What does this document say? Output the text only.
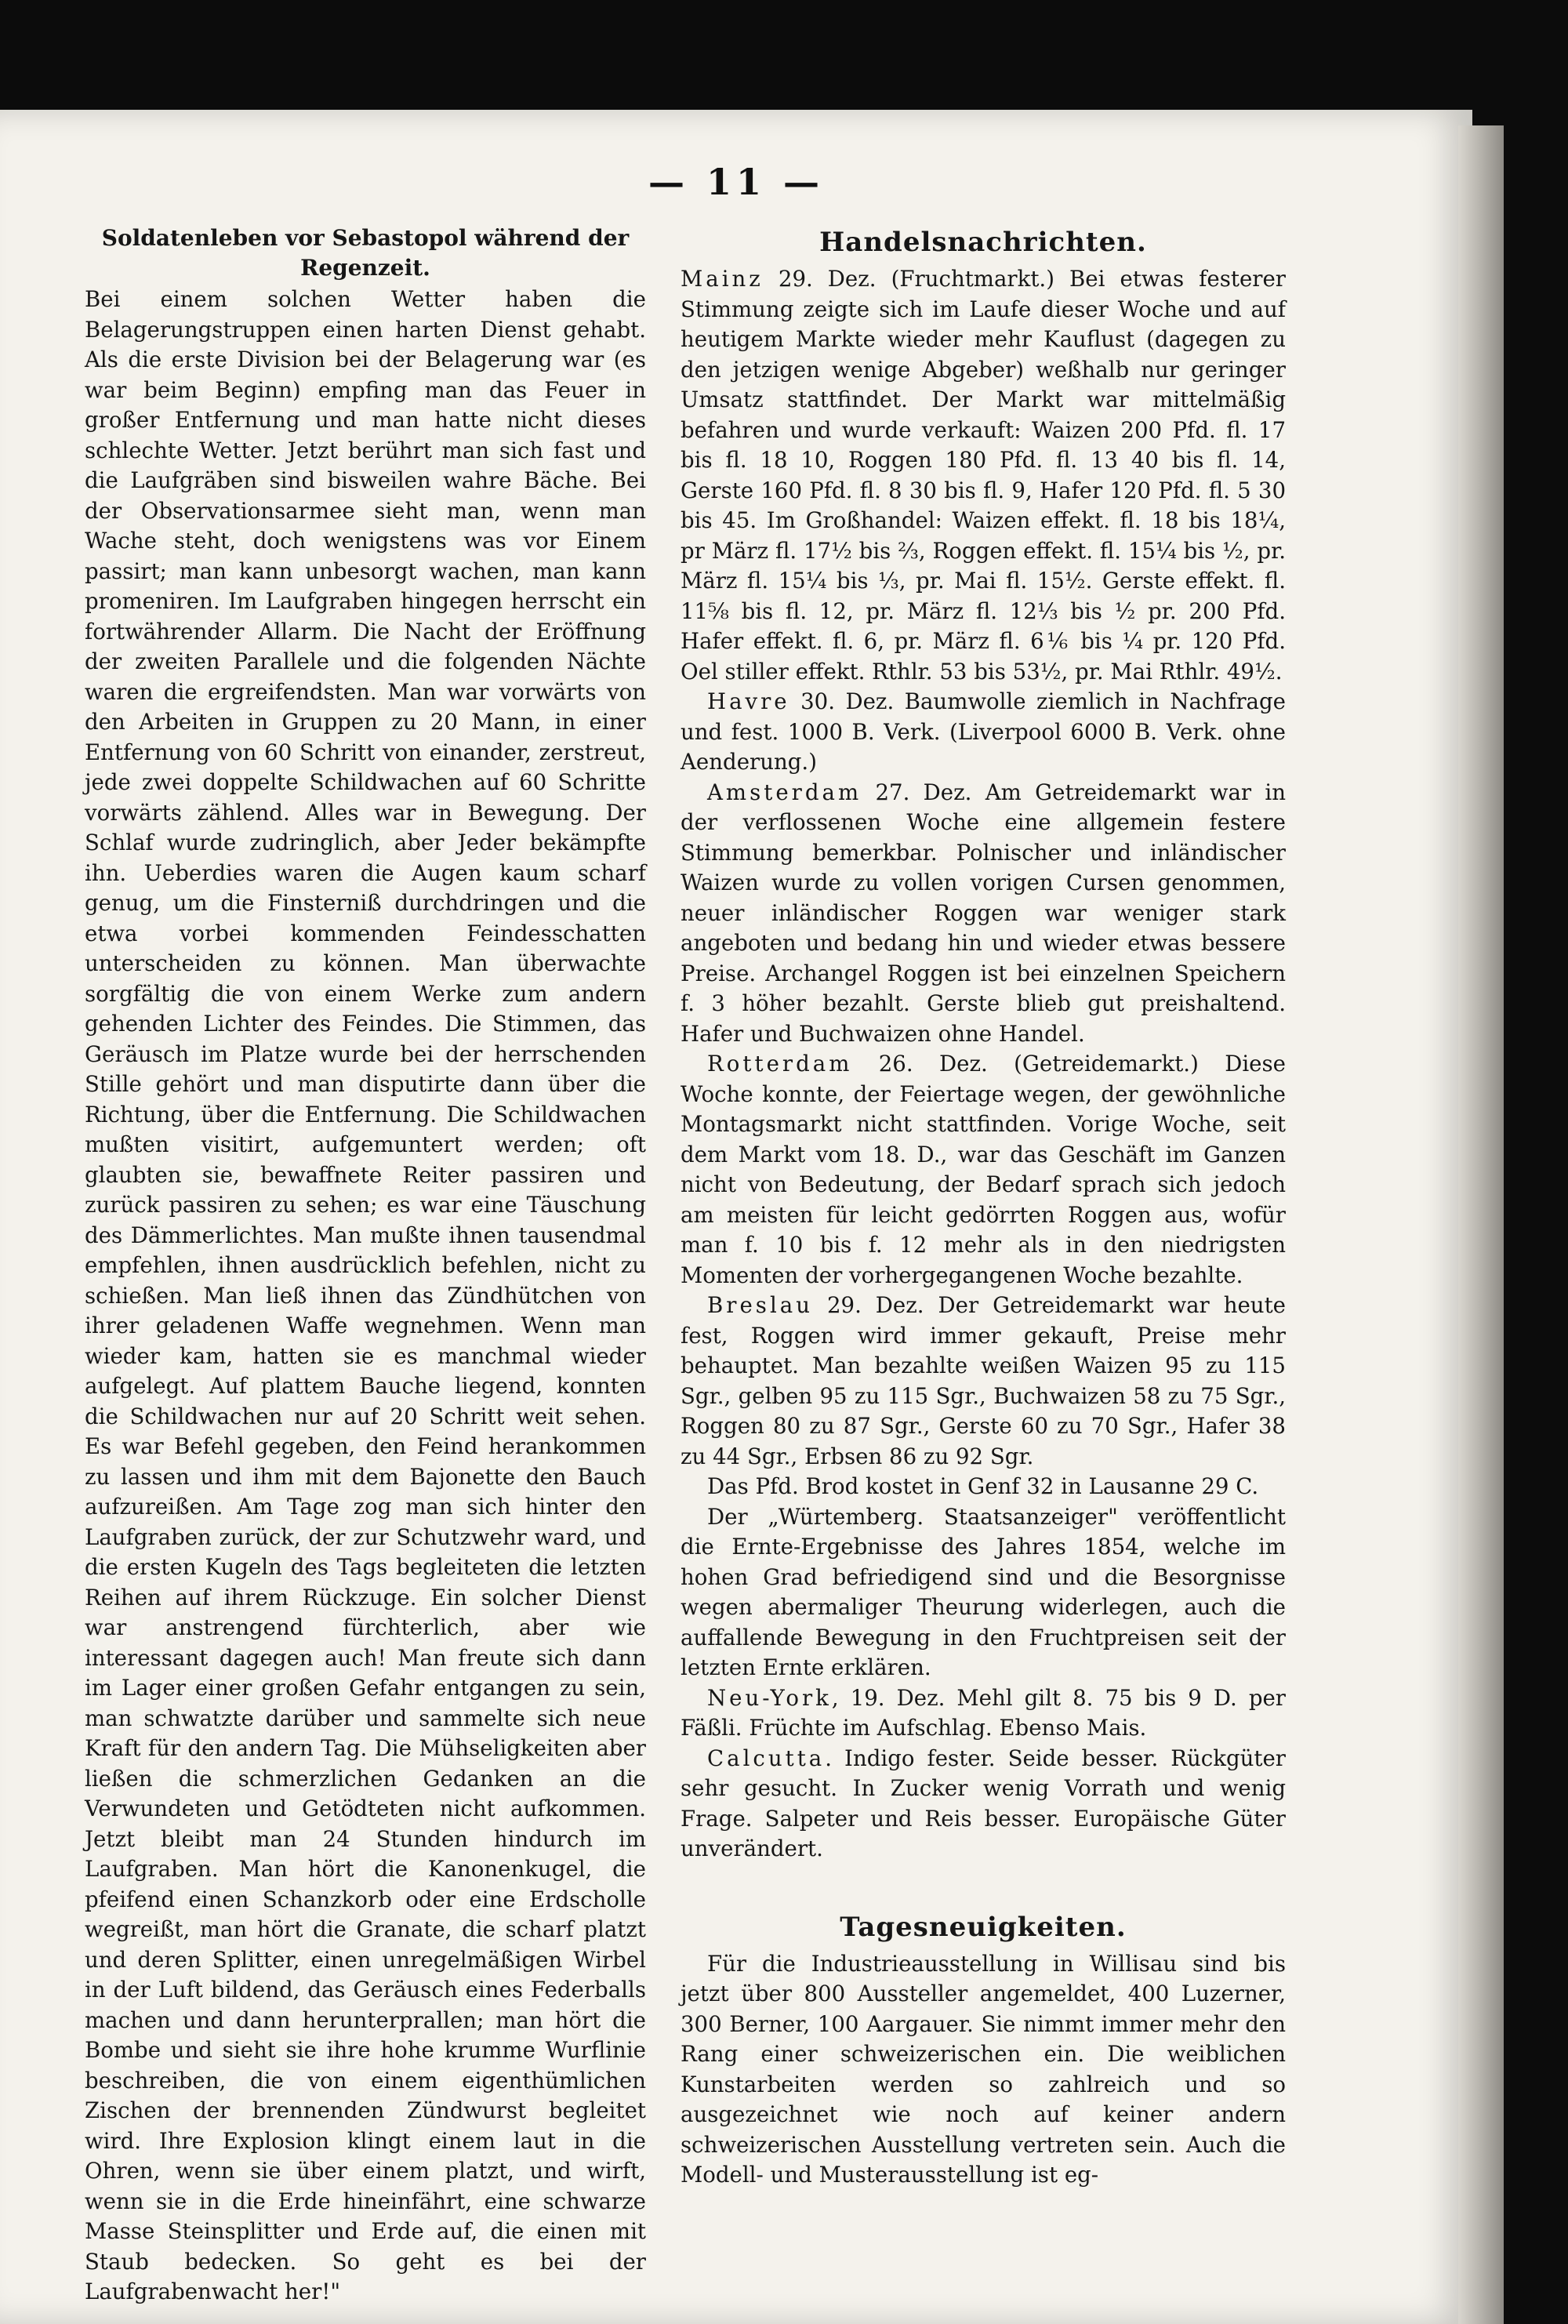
— 11 —
Soldatenleben vor Sebastopol während der Regenzeit.

Bei einem solchen Wetter haben die Belagerungstruppen einen harten Dienst gehabt. Als die erste Division bei der Belagerung war (es war beim Beginn) empfing man das Feuer in großer Entfernung und man hatte nicht dieses schlechte Wetter. Jetzt berührt man sich fast und die Laufgräben sind bisweilen wahre Bäche. Bei der Observationsarmee sieht man, wenn man Wache steht, doch wenigstens was vor Einem passirt; man kann unbesorgt wachen, man kann promeniren. Im Laufgraben hingegen herrscht ein fortwährender Allarm. Die Nacht der Eröffnung der zweiten Parallele und die folgenden Nächte waren die ergreifendsten. Man war vorwärts von den Arbeiten in Gruppen zu 20 Mann, in einer Entfernung von 60 Schritt von einander, zerstreut, jede zwei doppelte Schildwachen auf 60 Schritte vorwärts zählend. Alles war in Bewegung. Der Schlaf wurde zudringlich, aber Jeder bekämpfte ihn. Ueberdies waren die Augen kaum scharf genug, um die Finsterniß durchdringen und die etwa vorbei kommenden Feindesschatten unterscheiden zu können. Man überwachte sorgfältig die von einem Werke zum andern gehenden Lichter des Feindes. Die Stimmen, das Geräusch im Platze wurde bei der herrschenden Stille gehört und man disputirte dann über die Richtung, über die Entfernung. Die Schildwachen mußten visitirt, aufgemuntert werden; oft glaubten sie, bewaffnete Reiter passiren und zurück passiren zu sehen; es war eine Täuschung des Dämmerlichtes. Man mußte ihnen tausendmal empfehlen, ihnen ausdrücklich befehlen, nicht zu schießen. Man ließ ihnen das Zündhütchen von ihrer geladenen Waffe wegnehmen. Wenn man wieder kam, hatten sie es manchmal wieder aufgelegt. Auf plattem Bauche liegend, konnten die Schildwachen nur auf 20 Schritt weit sehen. Es war Befehl gegeben, den Feind herankommen zu lassen und ihm mit dem Bajonette den Bauch aufzureißen. Am Tage zog man sich hinter den Laufgraben zurück, der zur Schutzwehr ward, und die ersten Kugeln des Tags begleiteten die letzten Reihen auf ihrem Rückzuge. Ein solcher Dienst war anstrengend fürchterlich, aber wie interessant dagegen auch! Man freute sich dann im Lager einer großen Gefahr entgangen zu sein, man schwatzte darüber und sammelte sich neue Kraft für den andern Tag. Die Mühseligkeiten aber ließen die schmerzlichen Gedanken an die Verwundeten und Getödteten nicht aufkommen. Jetzt bleibt man 24 Stunden hindurch im Laufgraben. Man hört die Kanonenkugel, die pfeifend einen Schanzkorb oder eine Erdscholle wegreißt, man hört die Granate, die scharf platzt und deren Splitter, einen unregelmäßigen Wirbel in der Luft bildend, das Geräusch eines Federballs machen und dann herunterprallen; man hört die Bombe und sieht sie ihre hohe krumme Wurflinie beschreiben, die von einem eigenthümlichen Zischen der brennenden Zündwurst begleitet wird. Ihre Explosion klingt einem laut in die Ohren, wenn sie über einem platzt, und wirft, wenn sie in die Erde hineinfährt, eine schwarze Masse Steinsplitter und Erde auf, die einen mit Staub bedecken. So geht es bei der Laufgrabenwacht her!"

Handelsnachrichten.

Mainz 29. Dez. (Fruchtmarkt.) Bei etwas festerer Stimmung zeigte sich im Laufe dieser Woche und auf heutigem Markte wieder mehr Kauflust (dagegen zu den jetzigen wenige Abgeber) weßhalb nur geringer Umsatz stattfindet. Der Markt war mittelmäßig befahren und wurde verkauft: Waizen 200 Pfd. fl. 17 bis fl. 18 10, Roggen 180 Pfd. fl. 13 40 bis fl. 14, Gerste 160 Pfd. fl. 8 30 bis fl. 9, Hafer 120 Pfd. fl. 5 30 bis 45. Im Großhandel: Waizen effekt. fl. 18 bis 18¼, pr März fl. 17½ bis ⅔, Roggen effekt. fl. 15¼ bis ½, pr. März fl. 15¼ bis ⅓, pr. Mai fl. 15½. Gerste effekt. fl. 11⅝ bis fl. 12, pr. März fl. 12⅓ bis ½ pr. 200 Pfd. Hafer effekt. fl. 6, pr. März fl. 6⅙ bis ¼ pr. 120 Pfd. Oel stiller effekt. Rthlr. 53 bis 53½, pr. Mai Rthlr. 49½.

Havre 30. Dez. Baumwolle ziemlich in Nachfrage und fest. 1000 B. Verk. (Liverpool 6000 B. Verk. ohne Aenderung.)

Amsterdam 27. Dez. Am Getreidemarkt war in der verflossenen Woche eine allgemein festere Stimmung bemerkbar. Polnischer und inländischer Waizen wurde zu vollen vorigen Cursen genommen, neuer inländischer Roggen war weniger stark angeboten und bedang hin und wieder etwas bessere Preise. Archangel Roggen ist bei einzelnen Speichern f. 3 höher bezahlt. Gerste blieb gut preishaltend. Hafer und Buchwaizen ohne Handel.

Rotterdam 26. Dez. (Getreidemarkt.) Diese Woche konnte, der Feiertage wegen, der gewöhnliche Montagsmarkt nicht stattfinden. Vorige Woche, seit dem Markt vom 18. D., war das Geschäft im Ganzen nicht von Bedeutung, der Bedarf sprach sich jedoch am meisten für leicht gedörrten Roggen aus, wofür man f. 10 bis f. 12 mehr als in den niedrigsten Momenten der vorhergegangenen Woche bezahlte.

Breslau 29. Dez. Der Getreidemarkt war heute fest, Roggen wird immer gekauft, Preise mehr behauptet. Man bezahlte weißen Waizen 95 zu 115 Sgr., gelben 95 zu 115 Sgr., Buchwaizen 58 zu 75 Sgr., Roggen 80 zu 87 Sgr., Gerste 60 zu 70 Sgr., Hafer 38 zu 44 Sgr., Erbsen 86 zu 92 Sgr.

Das Pfd. Brod kostet in Genf 32 in Lausanne 29 C.

Der „Würtemberg. Staatsanzeiger" veröffentlicht die Ernte-Ergebnisse des Jahres 1854, welche im hohen Grad befriedigend sind und die Besorgnisse wegen abermaliger Theurung widerlegen, auch die auffallende Bewegung in den Fruchtpreisen seit der letzten Ernte erklären.

Neu-York, 19. Dez. Mehl gilt 8. 75 bis 9 D. per Fäßli. Früchte im Aufschlag. Ebenso Mais.

Calcutta. Indigo fester. Seide besser. Rückgüter sehr gesucht. In Zucker wenig Vorrath und wenig Frage. Salpeter und Reis besser. Europäische Güter unverändert.

Tagesneuigkeiten.

Für die Industrieausstellung in Willisau sind bis jetzt über 800 Aussteller angemeldet, 400 Luzerner, 300 Berner, 100 Aargauer. Sie nimmt immer mehr den Rang einer schweizerischen ein. Die weiblichen Kunstarbeiten werden so zahlreich und so ausgezeichnet wie noch auf keiner andern schweizerischen Ausstellung vertreten sein. Auch die Modell- und Musterausstellung ist eg-
